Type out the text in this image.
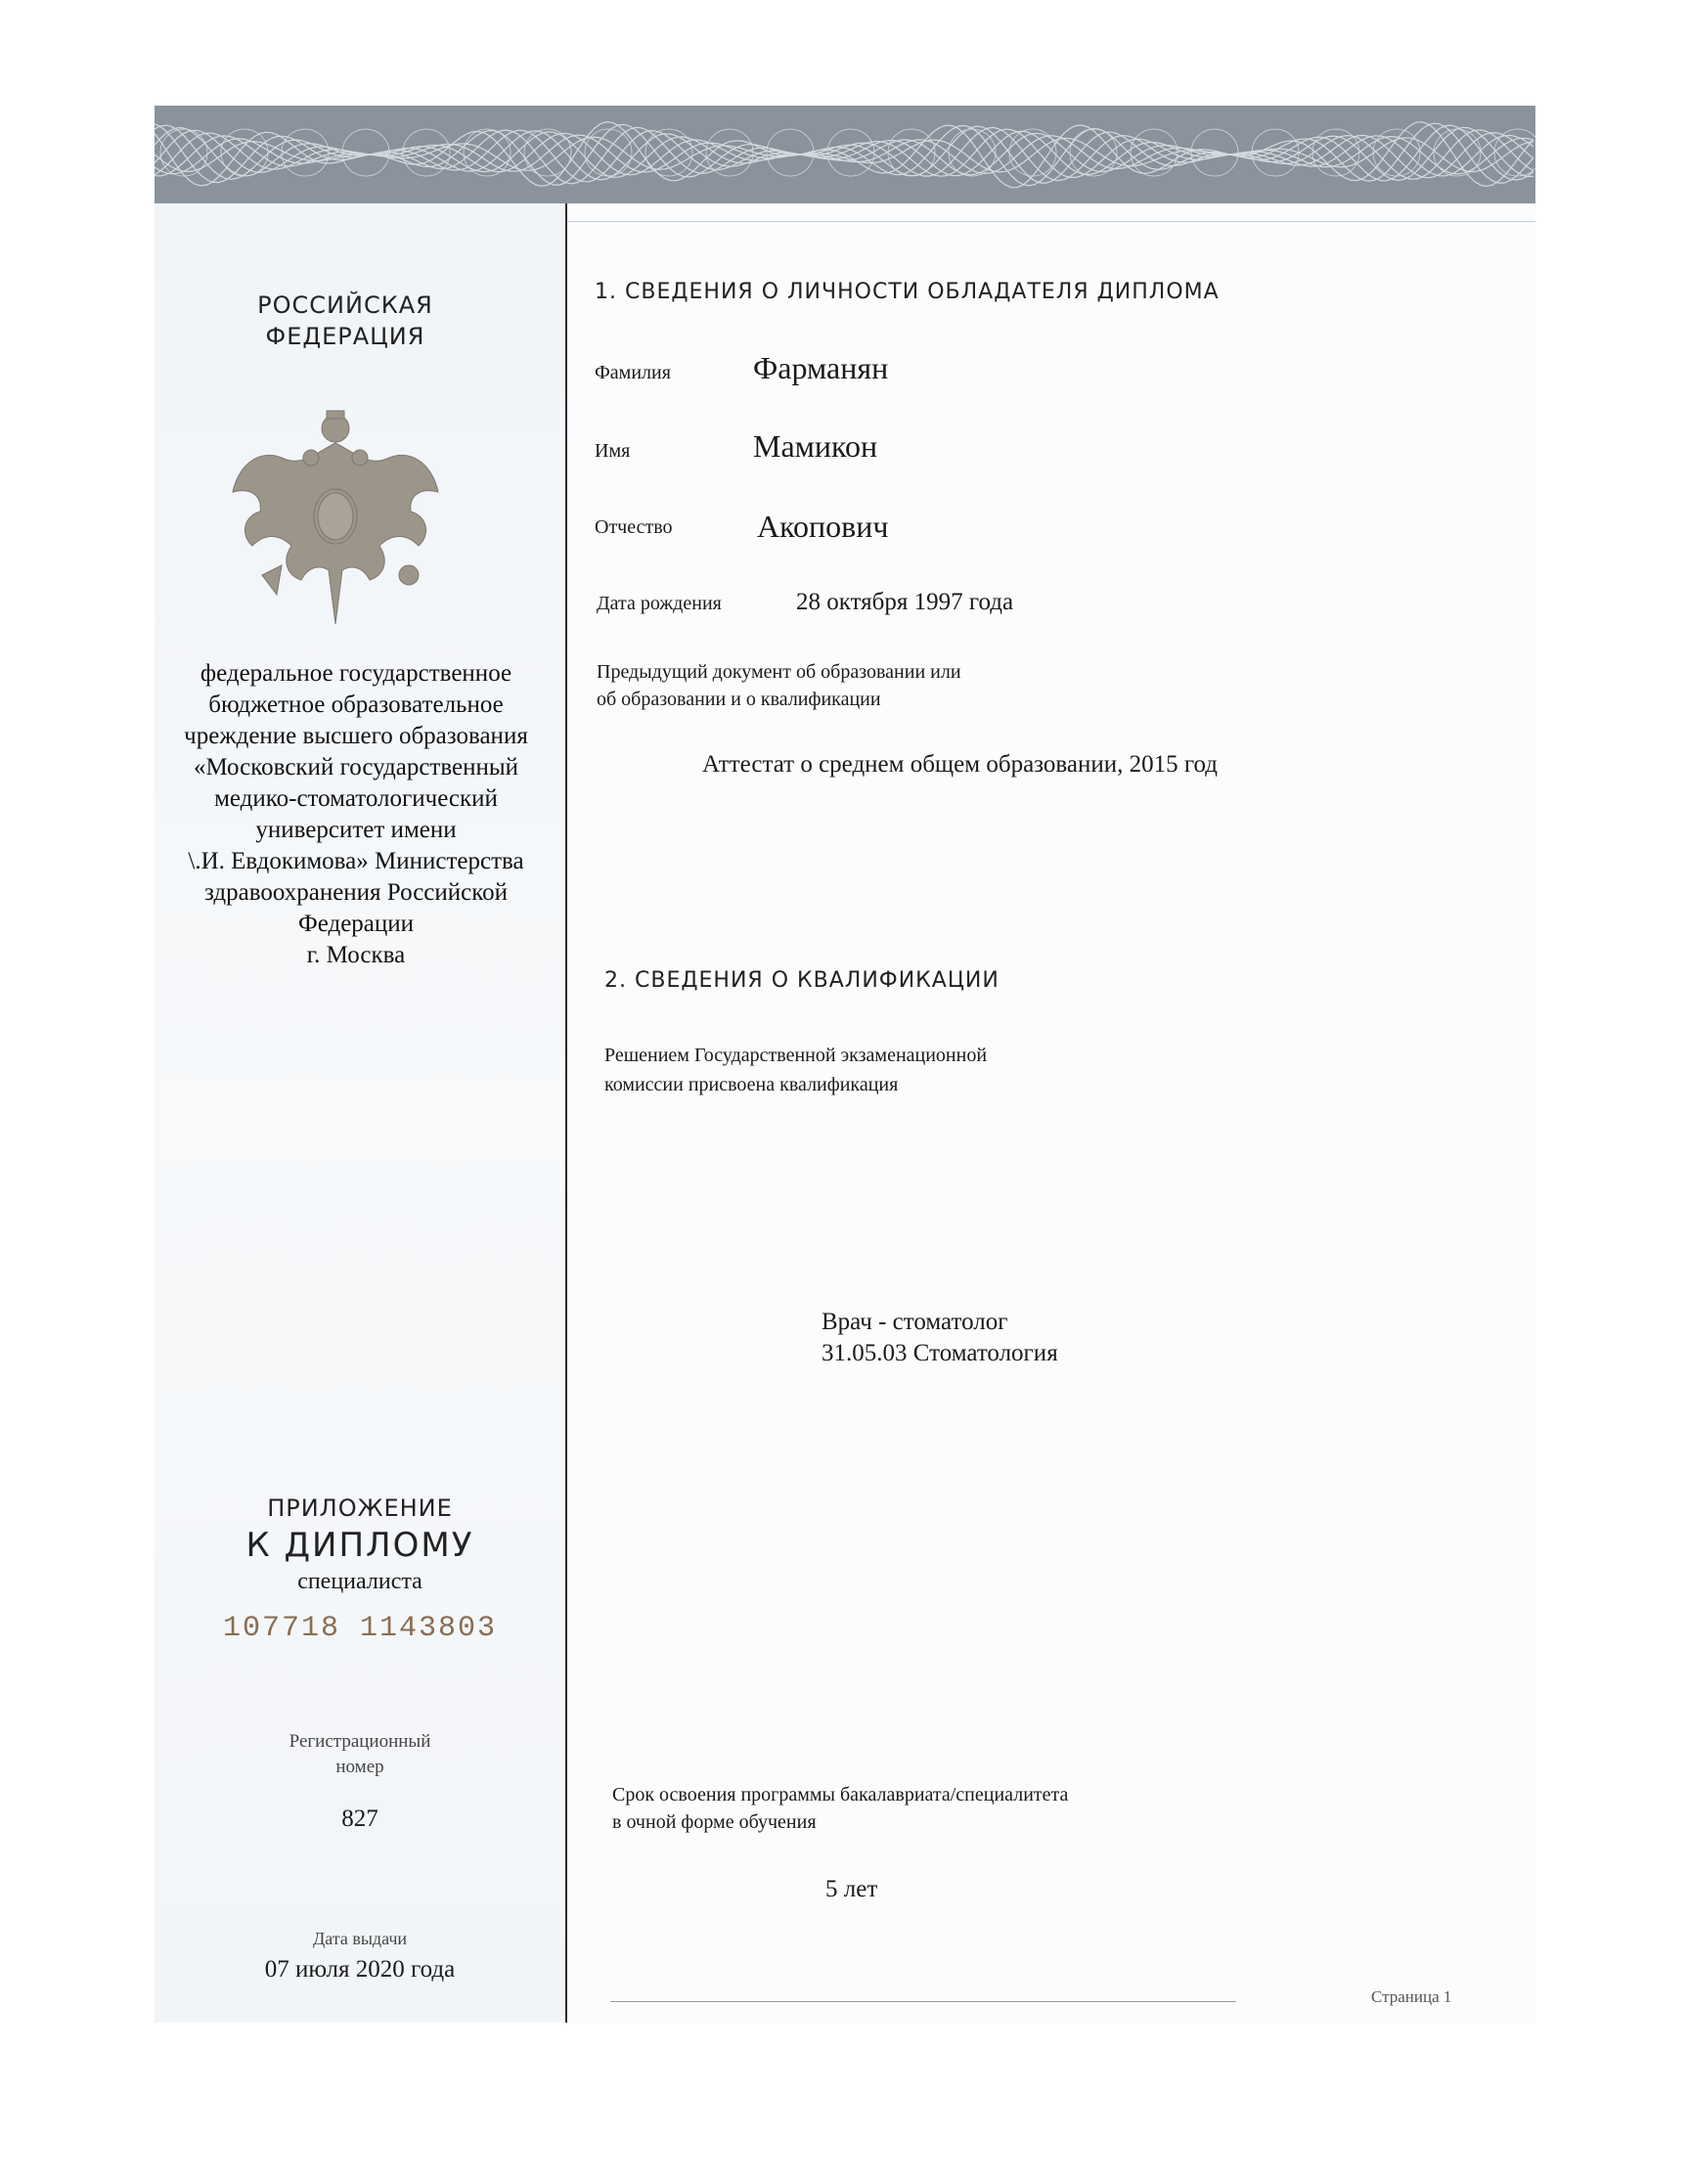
РОССИЙСКАЯ
ФЕДЕРАЦИЯ
федеральное государственное
бюджетное образовательное
чреждение высшего образования
«Московский государственный
медико-стоматологический
университет имени
\.И. Евдокимова» Министерства
здравоохранения Российской
Федерации
г. Москва
ПРИЛОЖЕНИЕ
К ДИПЛОМУ
специалиста
107718 1143803
Регистрационный
номер
827
Дата выдачи
07 июля 2020 года
1. СВЕДЕНИЯ О ЛИЧНОСТИ ОБЛАДАТЕЛЯ ДИПЛОМА
Фамилия	Фарманян
Имя	Мамикон
Отчество	Акопович
Дата рождения	28 октября 1997 года
Предыдущий документ об образовании или
об образовании и о квалификации
Аттестат о среднем общем образовании, 2015 год
2. СВЕДЕНИЯ О КВАЛИФИКАЦИИ
Решением Государственной экзаменационной
комиссии присвоена квалификация
Врач - стоматолог
31.05.03 Стоматология
Срок освоения программы бакалавриата/специалитета
в очной форме обучения
5 лет
Страница 1
